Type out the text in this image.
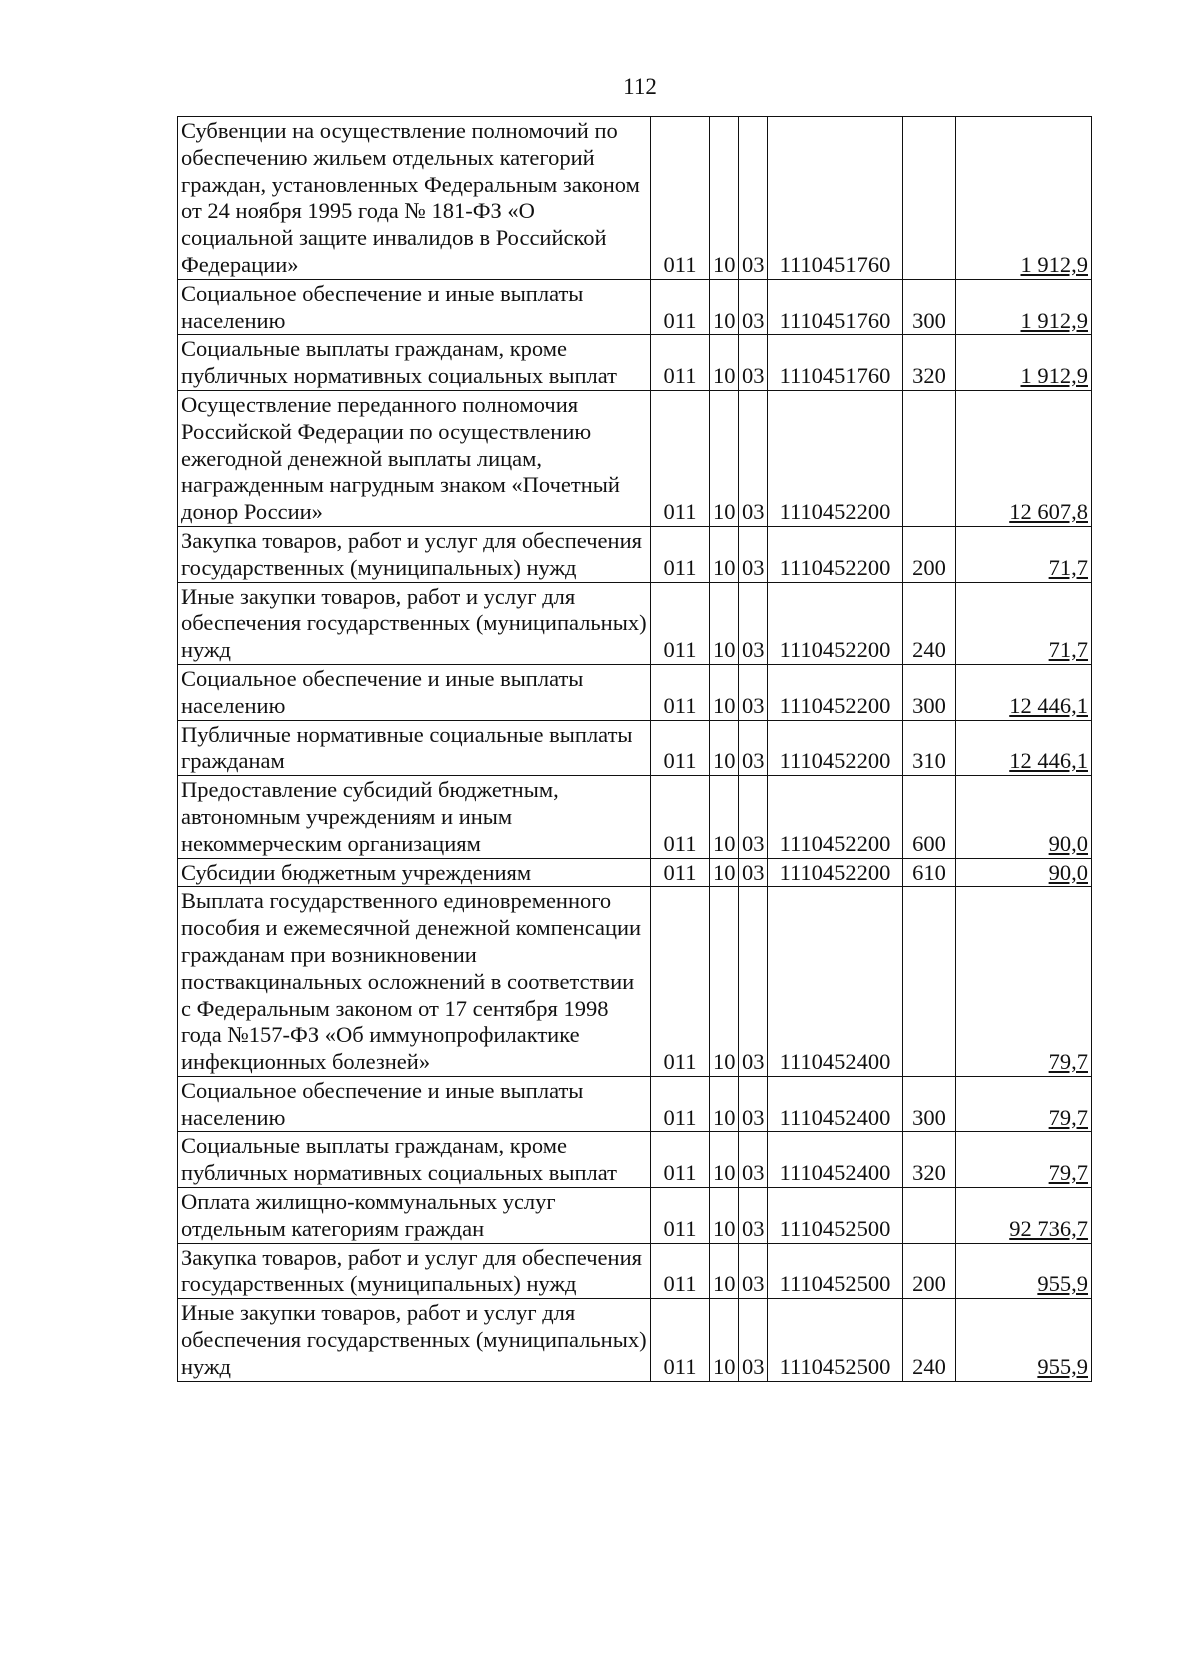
112
Субвенции на осуществление полномочий по обеспечению жильем отдельных категорий граждан, установленных Федеральным законом от 24 ноября 1995 года № 181-ФЗ «О социальной защите инвалидов в Российской Федерации»	011	10	03	1110451760		1 912,9
Социальное обеспечение и иные выплаты населению	011	10	03	1110451760	300	1 912,9
Социальные выплаты гражданам, кроме публичных нормативных социальных выплат	011	10	03	1110451760	320	1 912,9
Осуществление переданного полномочия Российской Федерации по осуществлению ежегодной денежной выплаты лицам, награжденным нагрудным знаком «Почетный донор России»	011	10	03	1110452200		12 607,8
Закупка товаров, работ и услуг для обеспечения государственных (муниципальных) нужд	011	10	03	1110452200	200	71,7
Иные закупки товаров, работ и услуг для обеспечения государственных (муниципальных) нужд	011	10	03	1110452200	240	71,7
Социальное обеспечение и иные выплаты населению	011	10	03	1110452200	300	12 446,1
Публичные нормативные социальные выплаты гражданам	011	10	03	1110452200	310	12 446,1
Предоставление субсидий бюджетным, автономным учреждениям и иным некоммерческим организациям	011	10	03	1110452200	600	90,0
Субсидии бюджетным учреждениям	011	10	03	1110452200	610	90,0
Выплата государственного единовременного пособия и ежемесячной денежной компенсации гражданам при возникновении поствакцинальных осложнений в соответствии с Федеральным законом от 17 сентября 1998 года №157-ФЗ «Об иммунопрофилактике инфекционных болезней»	011	10	03	1110452400		79,7
Социальное обеспечение и иные выплаты населению	011	10	03	1110452400	300	79,7
Социальные выплаты гражданам, кроме публичных нормативных социальных выплат	011	10	03	1110452400	320	79,7
Оплата жилищно-коммунальных услуг отдельным категориям граждан	011	10	03	1110452500		92 736,7
Закупка товаров, работ и услуг для обеспечения государственных (муниципальных) нужд	011	10	03	1110452500	200	955,9
Иные закупки товаров, работ и услуг для обеспечения государственных (муниципальных) нужд	011	10	03	1110452500	240	955,9
